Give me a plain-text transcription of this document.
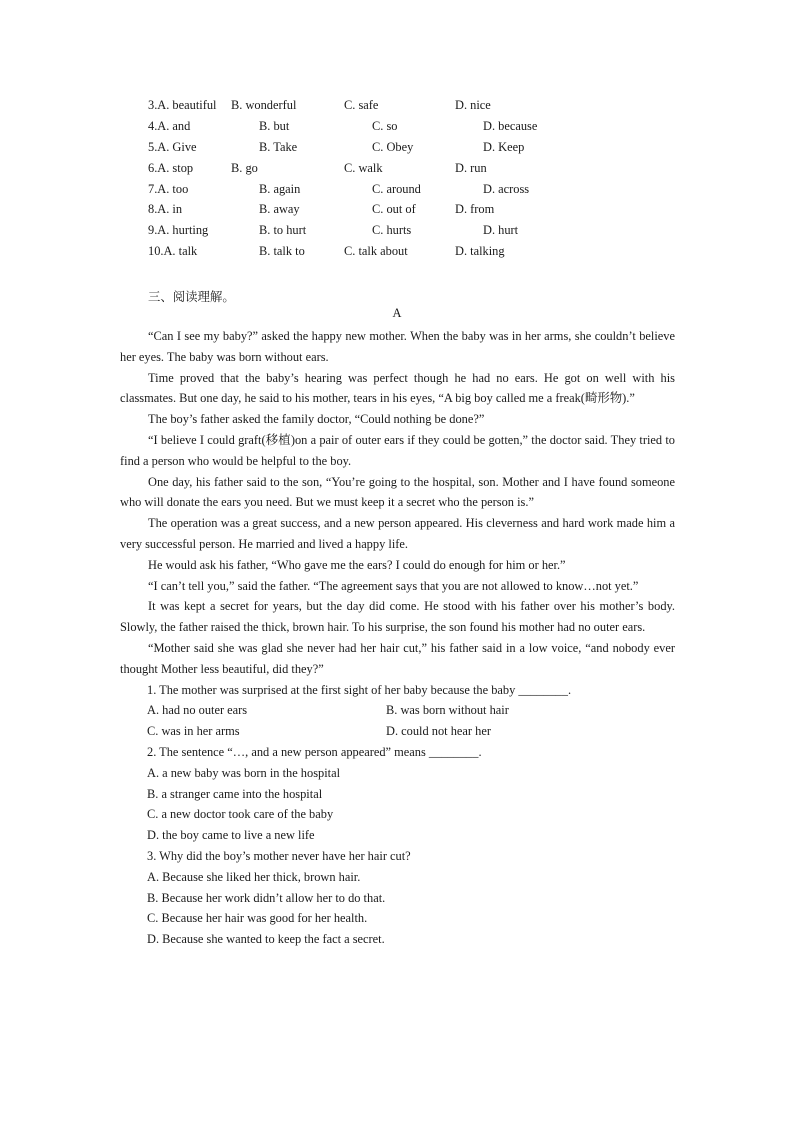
3.A. beautiful B. wonderful	C. safe	D. nice
4.A. and	B. but	C. so	D. because
5.A. Give	B. Take	C. Obey	D. Keep
6.A. stop	B. go	C. walk	D. run
7.A. too	B. again	C. around	D. across
8.A. in	B. away	C. out of	D. from
9.A. hurting	B. to hurt	C. hurts	D. hurt
10.A. talk	B. talk to	C. talk about	D. talking
三、阅读理解。
A

“Can I see my baby?” asked the happy new mother. When the baby was in her arms, she couldn’t believe her eyes. The baby was born without ears.

Time proved that the baby’s hearing was perfect though he had no ears. He got on well with his classmates. But one day, he said to his mother, tears in his eyes, “A big boy called me a freak(畸形物).”

The boy’s father asked the family doctor, “Could nothing be done?”

“I believe I could graft(移植)on a pair of outer ears if they could be gotten,” the doctor said. They tried to find a person who would be helpful to the boy.

One day, his father said to the son, “You’re going to the hospital, son. Mother and I have found someone who will donate the ears you need. But we must keep it a secret who the person is.”

The operation was a great success, and a new person appeared. His cleverness and hard work made him a very successful person. He married and lived a happy life.

He would ask his father, “Who gave me the ears? I could do enough for him or her.”

“I can’t tell you,” said the father. “The agreement says that you are not allowed to know…not yet.”

It was kept a secret for years, but the day did come. He stood with his father over his mother’s body. Slowly, the father raised the thick, brown hair. To his surprise, the son found his mother had no outer ears.

“Mother said she was glad she never had her hair cut,” his father said in a low voice, “and nobody ever thought Mother less beautiful, did they?”

1. The mother was surprised at the first sight of her baby because the baby ________.

A. had no outer ears	B. was born without hair
C. was in her arms	D. could not hear her

2. The sentence “…, and a new person appeared” means ________.

A. a new baby was born in the hospital

B. a stranger came into the hospital

C. a new doctor took care of the baby

D. the boy came to live a new life

3. Why did the boy’s mother never have her hair cut?

A. Because she liked her thick, brown hair.

B. Because her work didn’t allow her to do that.

C. Because her hair was good for her health.

D. Because she wanted to keep the fact a secret.
